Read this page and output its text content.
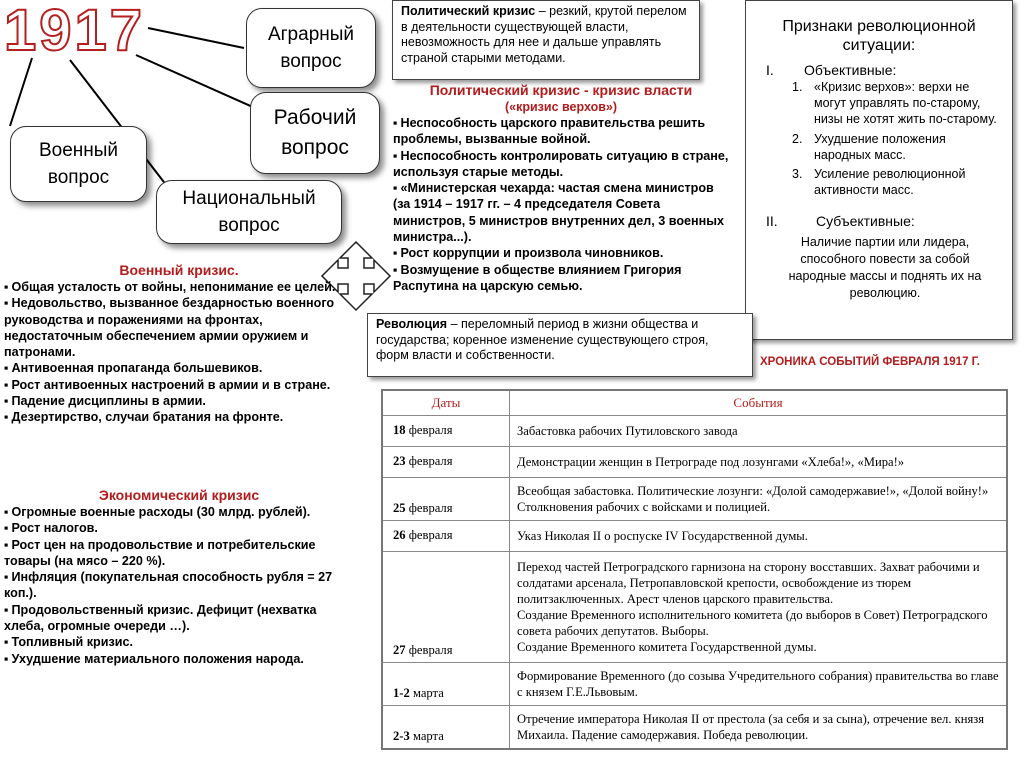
1917	Аграрный вопрос
Рабочий вопрос
Военный вопрос
Национальный вопрос
Политический кризис – резкий, крутой перелом в деятельности существующей власти, невозможность для нее и дальше управлять страной старыми методами.
Политический кризис - кризис власти
(«кризис верхов»)
▪ Неспособность царского правительства решить проблемы, вызванные войной.
▪ Неспособность контролировать ситуацию в стране, используя старые методы.
▪ «Министерская чехарда: частая смена министров (за 1914 – 1917 гг. – 4 председателя Совета министров, 5 министров внутренних дел, 3 военных министра...).
▪ Рост коррупции и произвола чиновников.
▪ Возмущение в обществе влиянием Григория Распутина на царскую семью.
Признаки революционной ситуации:
I. Объективные:
1. «Кризис верхов»: верхи не могут управлять по-старому, низы не хотят жить по-старому.
2. Ухудшение положения народных масс.
3. Усиление революционной активности масс.
II.	Субъективные:
Наличие партии или лидера, способного повести за собой народные массы и поднять их на революцию.
Революция – переломный период в жизни общества и государства; коренное изменение существующего строя, форм власти и собственности.
Военный кризис.
▪ Общая усталость от войны, непонимание ее целей.
▪ Недовольство, вызванное бездарностью военного руководства и поражениями на фронтах, недостаточным обеспечением армии оружием и патронами.
▪ Антивоенная пропаганда большевиков.
▪ Рост антивоенных настроений в армии и в стране.
▪ Падение дисциплины в армии.
▪ Дезертирство, случаи братания на фронте.
Экономический кризис
▪ Огромные военные расходы (30 млрд. рублей).
▪ Рост налогов.
▪ Рост цен на продовольствие и потребительские товары (на мясо – 220 %).
▪ Инфляция (покупательная способность рубля = 27 коп.).
▪ Продовольственный кризис. Дефицит (нехватка хлеба, огромные очереди …).
▪ Топливный кризис.
▪ Ухудшение материального положения народа.
ХРОНИКА СОБЫТИЙ ФЕВРАЛЯ 1917 Г.
Даты	События
18 февраля	Забастовка рабочих Путиловского завода
23 февраля	Демонстрации женщин в Петрограде под лозунгами «Хлеба!», «Мира!»
25 февраля	Всеобщая забастовка. Политические лозунги: «Долой самодержавие!», «Долой войну!» Столкновения рабочих с войсками и полицией.
26 февраля	Указ Николая II о роспуске IV Государственной думы.
27 февраля	Переход частей Петроградского гарнизона на сторону восставших. Захват рабочими и солдатами арсенала, Петропавловской крепости, освобождение из тюрем политзаключенных. Арест членов царского правительства.
Создание Временного исполнительного комитета (до выборов в Совет) Петроградского совета рабочих депутатов. Выборы.
Создание Временного комитета Государственной думы.
1-2 марта	Формирование Временного (до созыва Учредительного собрания) правительства во главе с князем Г.Е.Львовым.
2-3 марта	Отречение императора Николая II от престола (за себя и за сына), отречение вел. князя Михаила. Падение самодержавия. Победа революции.
